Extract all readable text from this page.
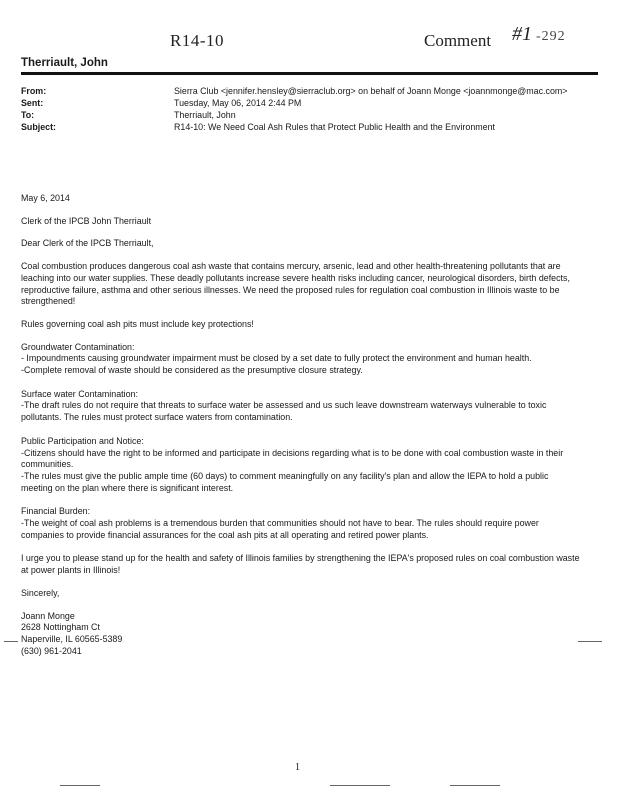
R14-10	Comment #1 -292
Therriault, John
From:	Sierra Club <jennifer.hensley@sierraclub.org> on behalf of Joann Monge <joannmonge@mac.com>
Sent:	Tuesday, May 06, 2014 2:44 PM
To:	Therriault, John
Subject:	R14-10: We Need Coal Ash Rules that Protect Public Health and the Environment

May 6, 2014

Clerk of the IPCB John Therriault

Dear Clerk of the IPCB Therriault,

Coal combustion produces dangerous coal ash waste that contains mercury, arsenic, lead and other health-threatening pollutants that are leaching into our water supplies. These deadly pollutants increase severe health risks including cancer, neurological disorders, birth defects, reproductive failure, asthma and other serious illnesses. We need the proposed rules for regulation coal combustion in Illinois waste to be strengthened!

Rules governing coal ash pits must include key protections!

Groundwater Contamination:
- Impoundments causing groundwater impairment must be closed by a set date to fully protect the environment and human health.
-Complete removal of waste should be considered as the presumptive closure strategy.

Surface water Contamination:
-The draft rules do not require that threats to surface water be assessed and us such leave downstream waterways vulnerable to toxic pollutants. The rules must protect surface waters from contamination.

Public Participation and Notice:
-Citizens should have the right to be informed and participate in decisions regarding what is to be done with coal combustion waste in their communities.
-The rules must give the public ample time (60 days) to comment meaningfully on any facility's plan and allow the IEPA to hold a public meeting on the plan where there is significant interest.

Financial Burden:
-The weight of coal ash problems is a tremendous burden that communities should not have to bear. The rules should require power companies to provide financial assurances for the coal ash pits at all operating and retired power plants.

I urge you to please stand up for the health and safety of Illinois families by strengthening the IEPA's proposed rules on coal combustion waste at power plants in Illinois!

Sincerely,

Joann Monge
2628 Nottingham Ct
Naperville, IL 60565-5389
(630) 961-2041

1
